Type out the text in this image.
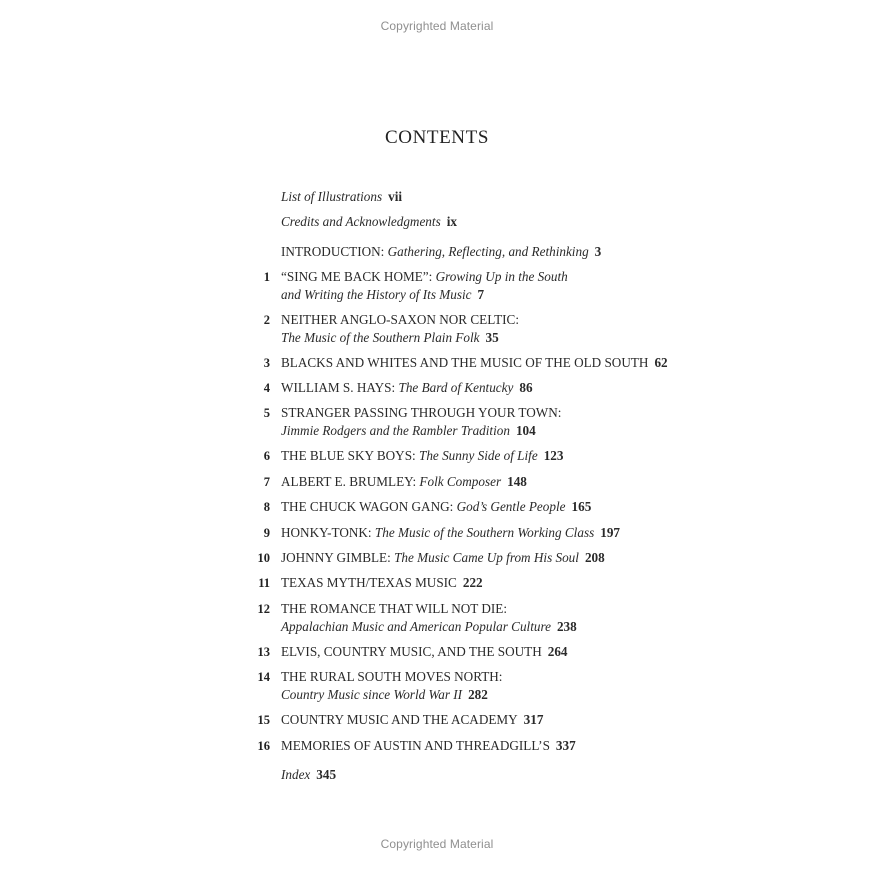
Copyrighted Material
CONTENTS
List of Illustrations vii
Credits and Acknowledgments ix
INTRODUCTION: Gathering, Reflecting, and Rethinking 3
1 “SING ME BACK HOME”: Growing Up in the South
and Writing the History of Its Music 7
2 NEITHER ANGLO-SAXON NOR CELTIC:
The Music of the Southern Plain Folk 35
3 BLACKS AND WHITES AND THE MUSIC OF THE OLD SOUTH 62
4 WILLIAM S. HAYS: The Bard of Kentucky 86
5 STRANGER PASSING THROUGH YOUR TOWN:
Jimmie Rodgers and the Rambler Tradition 104
6 THE BLUE SKY BOYS: The Sunny Side of Life 123
7 ALBERT E. BRUMLEY: Folk Composer 148
8 THE CHUCK WAGON GANG: God’s Gentle People 165
9 HONKY-TONK: The Music of the Southern Working Class 197
10 JOHNNY GIMBLE: The Music Came Up from His Soul 208
11 TEXAS MYTH/TEXAS MUSIC 222
12 THE ROMANCE THAT WILL NOT DIE:
Appalachian Music and American Popular Culture 238
13 ELVIS, COUNTRY MUSIC, AND THE SOUTH 264
14 THE RURAL SOUTH MOVES NORTH:
Country Music since World War II 282
15 COUNTRY MUSIC AND THE ACADEMY 317
16 MEMORIES OF AUSTIN AND THREADGILL’S 337
Index 345
Copyrighted Material
